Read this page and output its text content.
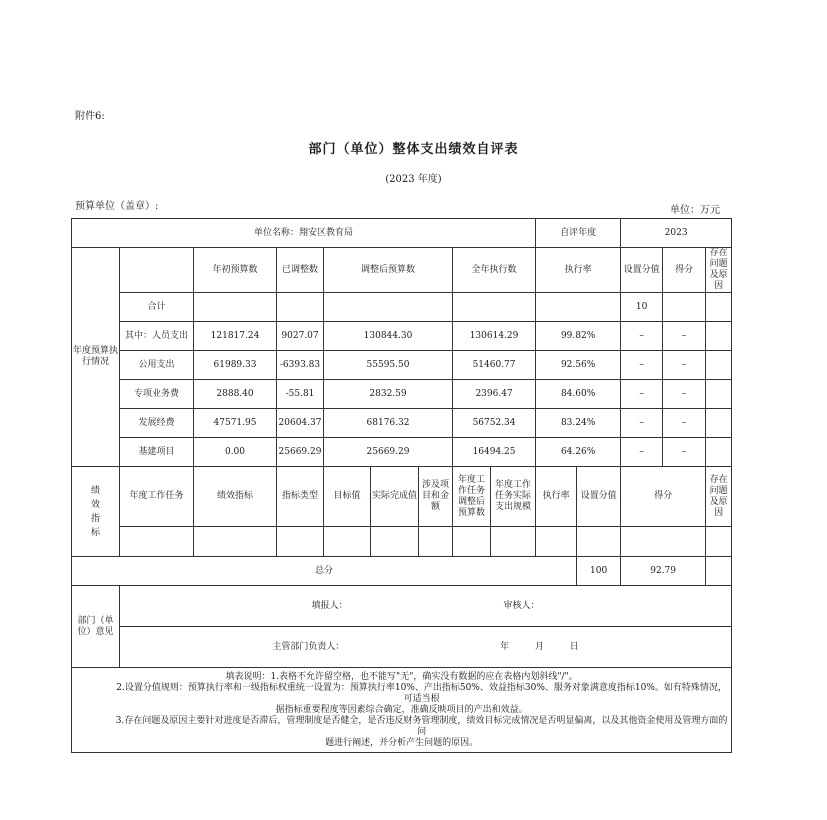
附件6:
部门（单位）整体支出绩效自评表
(2023 年度)
预算单位（盖章）:	单位：万元
单位名称：翔安区教育局									自评年度		2023		
年度预算执行情况		年初预算数	已调整数	调整后预算数			全年执行数		执行率		设置分值	得分	存在问题及原因
	合计										10		
	其中：人员支出	121817.24	9027.07	130844.30			130614.29		99.82%		–	–	
	公用支出	61989.33	-6393.83	55595.50			51460.77		92.56%		–	–	
	专项业务费	2888.40	-55.81	2832.59			2396.47		84.60%		–	–	
	发展经费	47571.95	20604.37	68176.32			56752.34		83.24%		–	–	
	基建项目	0.00	25669.29	25669.29			16494.25		64.26%		–	–	

绩效指标	年度工作任务	绩效指标	指标类型	目标值	实际完成值	涉及项目和金额	年度工作任务调整后预算数	年度工作任务实际支出规模	执行率	设置分值	得分		存在问题及原因

总分										100	92.79		
部门（单位）意见	填报人： 审核人：												
	主管部门负责人： 年 月 日												

填表说明：1.表格不允许留空格，也不能写"无"，确实没有数据的应在表格内划斜线"/"。
2.设置分值规则：预算执行率和一级指标权重统一设置为：预算执行率10%、产出指标50%、效益指标30%、服务对象满意度指标10%。如有特殊情况，可适当根
据指标重要程度等因素综合确定，准确反映项目的产出和效益。
3.存在问题及原因主要针对进度是否滞后，管理制度是否健全，是否违反财务管理制度，绩效目标完成情况是否明显偏离，以及其他资金使用及管理方面的问
题进行阐述，并分析产生问题的原因。													
